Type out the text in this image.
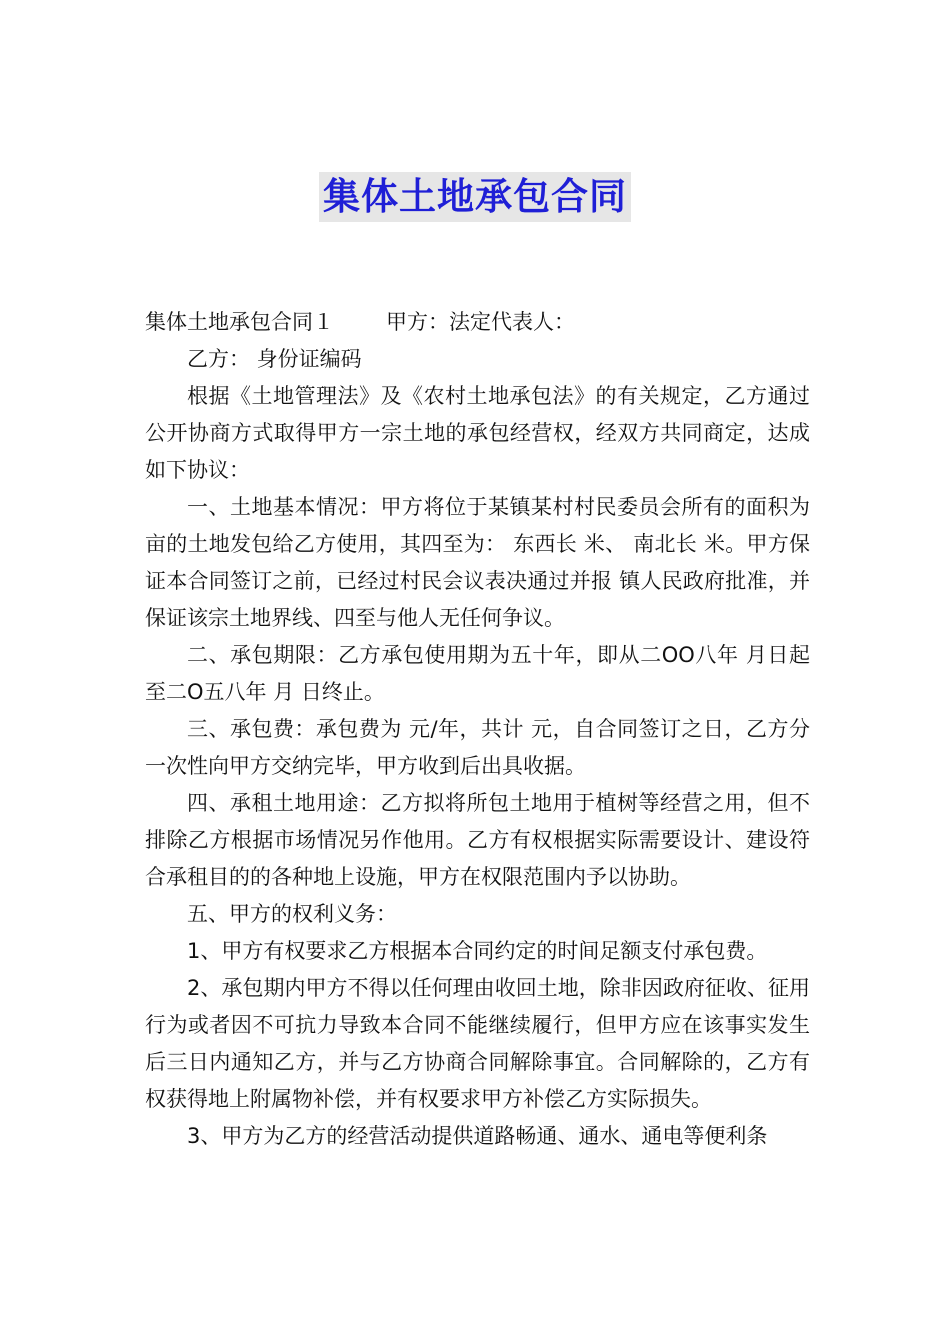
集体土地承包合同

集体土地承包合同１ 甲方：法定代表人：

乙方： 身份证编码

根据《土地管理法》及《农村土地承包法》的有关规定，乙方通过公开协商方式取得甲方一宗土地的承包经营权，经双方共同商定，达成如下协议：

一、土地基本情况：甲方将位于某镇某村村民委员会所有的面积为 亩的土地发包给乙方使用，其四至为： 东西长 米、 南北长 米。甲方保证本合同签订之前，已经过村民会议表决通过并报 镇人民政府批准，并保证该宗土地界线、四至与他人无任何争议。

二、承包期限：乙方承包使用期为五十年，即从二OO八年 月日起至二O五八年 月 日终止。

三、承包费：承包费为 元/年，共计 元，自合同签订之日，乙方分一次性向甲方交纳完毕，甲方收到后出具收据。

四、承租土地用途：乙方拟将所包土地用于植树等经营之用，但不排除乙方根据市场情况另作他用。乙方有权根据实际需要设计、建设符合承租目的的各种地上设施，甲方在权限范围内予以协助。

五、甲方的权利义务：

1、甲方有权要求乙方根据本合同约定的时间足额支付承包费。

2、承包期内甲方不得以任何理由收回土地，除非因政府征收、征用行为或者因不可抗力导致本合同不能继续履行，但甲方应在该事实发生后三日内通知乙方，并与乙方协商合同解除事宜。合同解除的，乙方有权获得地上附属物补偿，并有权要求甲方补偿乙方实际损失。

3、甲方为乙方的经营活动提供道路畅通、通水、通电等便利条
